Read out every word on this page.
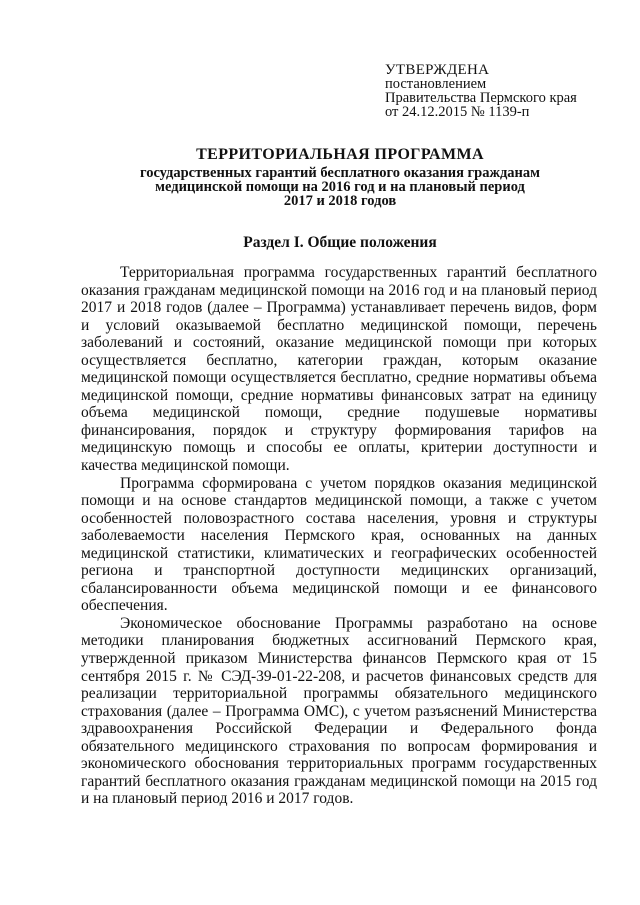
УТВЕРЖДЕНА
постановлением
Правительства Пермского края
от 24.12.2015 № 1139-п
ТЕРРИТОРИАЛЬНАЯ ПРОГРАММА
государственных гарантий бесплатного оказания гражданам
медицинской помощи на 2016 год и на плановый период
2017 и 2018 годов
Раздел I. Общие положения

Территориальная программа государственных гарантий бесплатного оказания гражданам медицинской помощи на 2016 год и на плановый период 2017 и 2018 годов (далее – Программа) устанавливает перечень видов, форм и условий оказываемой бесплатно медицинской помощи, перечень заболеваний и состояний, оказание медицинской помощи при которых осуществляется бесплатно, категории граждан, которым оказание медицинской помощи осуществляется бесплатно, средние нормативы объема медицинской помощи, средние нормативы финансовых затрат на единицу объема медицинской помощи, средние подушевые нормативы финансирования, порядок и структуру формирования тарифов на медицинскую помощь и способы ее оплаты, критерии доступности и качества медицинской помощи.

Программа сформирована с учетом порядков оказания медицинской помощи и на основе стандартов медицинской помощи, а также с учетом особенностей половозрастного состава населения, уровня и структуры заболеваемости населения Пермского края, основанных на данных медицинской статистики, климатических и географических особенностей региона и транспортной доступности медицинских организаций, сбалансированности объема медицинской помощи и ее финансового обеспечения.

Экономическое обоснование Программы разработано на основе методики планирования бюджетных ассигнований Пермского края, утвержденной приказом Министерства финансов Пермского края от 15 сентября 2015 г. № СЭД-39-01-22-208, и расчетов финансовых средств для реализации территориальной программы обязательного медицинского страхования (далее – Программа ОМС), с учетом разъяснений Министерства здравоохранения Российской Федерации и Федерального фонда обязательного медицинского страхования по вопросам формирования и экономического обоснования территориальных программ государственных гарантий бесплатного оказания гражданам медицинской помощи на 2015 год и на плановый период 2016 и 2017 годов.
